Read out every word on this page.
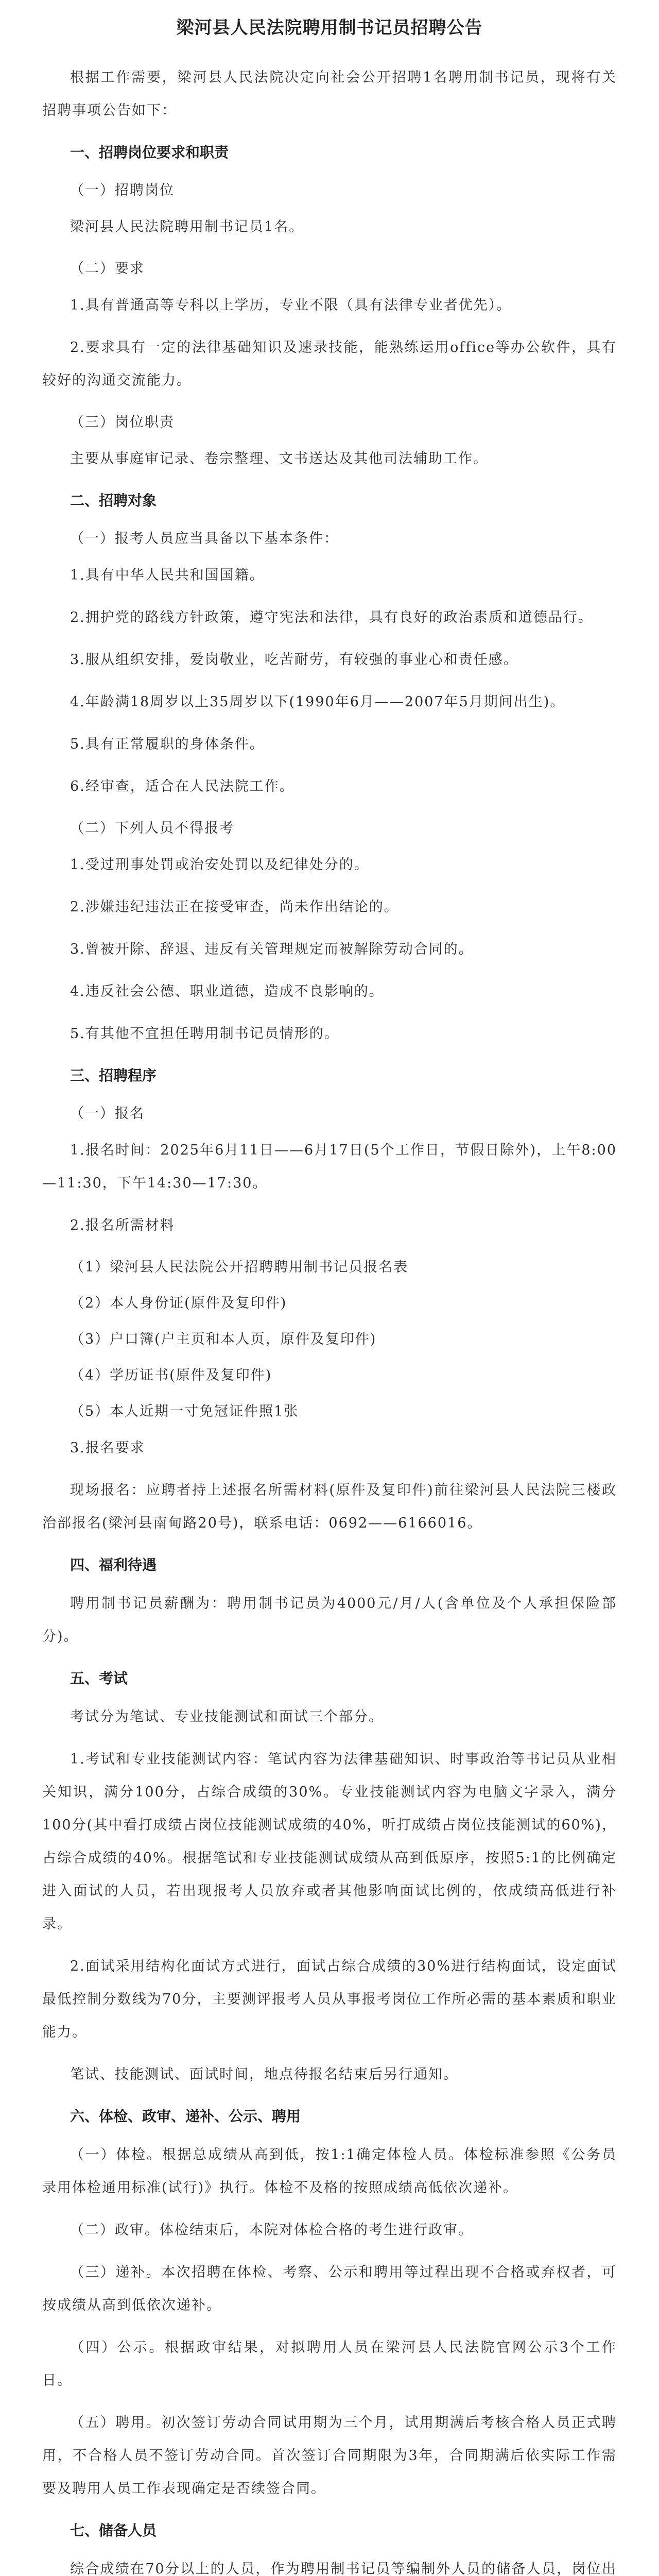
梁河县人民法院聘用制书记员招聘公告

根据工作需要，梁河县人民法院决定向社会公开招聘1名聘用制书记员，现将有关招聘事项公告如下：

一、招聘岗位要求和职责
（一）招聘岗位

梁河县人民法院聘用制书记员1名。

（二）要求

1.具有普通高等专科以上学历，专业不限（具有法律专业者优先）。

2.要求具有一定的法律基础知识及速录技能，能熟练运用office等办公软件，具有较好的沟通交流能力。

（三）岗位职责

主要从事庭审记录、卷宗整理、文书送达及其他司法辅助工作。

二、招聘对象
（一）报考人员应当具备以下基本条件：

1.具有中华人民共和国国籍。

2.拥护党的路线方针政策，遵守宪法和法律，具有良好的政治素质和道德品行。

3.服从组织安排，爱岗敬业，吃苦耐劳，有较强的事业心和责任感。

4.年龄满18周岁以上35周岁以下(1990年6月——2007年5月期间出生)。

5.具有正常履职的身体条件。

6.经审查，适合在人民法院工作。

（二）下列人员不得报考

1.受过刑事处罚或治安处罚以及纪律处分的。

2.涉嫌违纪违法正在接受审查，尚未作出结论的。

3.曾被开除、辞退、违反有关管理规定而被解除劳动合同的。

4.违反社会公德、职业道德，造成不良影响的。

5.有其他不宜担任聘用制书记员情形的。

三、招聘程序
（一）报名

1.报名时间：2025年6月11日——6月17日(5个工作日，节假日除外)，上午8:00—11:30，下午14:30—17:30。

2.报名所需材料

（1）梁河县人民法院公开招聘聘用制书记员报名表
（2）本人身份证(原件及复印件)
（3）户口簿(户主页和本人页，原件及复印件)
（4）学历证书(原件及复印件)
（5）本人近期一寸免冠证件照1张

3.报名要求

现场报名：应聘者持上述报名所需材料(原件及复印件)前往梁河县人民法院三楼政治部报名(梁河县南甸路20号)，联系电话：0692——6166016。

四、福利待遇

聘用制书记员薪酬为：聘用制书记员为4000元/月/人(含单位及个人承担保险部分)。

五、考试

考试分为笔试、专业技能测试和面试三个部分。

1.考试和专业技能测试内容：笔试内容为法律基础知识、时事政治等书记员从业相关知识，满分100分，占综合成绩的30%。专业技能测试内容为电脑文字录入，满分100分(其中看打成绩占岗位技能测试成绩的40%，听打成绩占岗位技能测试的60%)，占综合成绩的40%。根据笔试和专业技能测试成绩从高到低原序，按照5:1的比例确定进入面试的人员，若出现报考人员放弃或者其他影响面试比例的，依成绩高低进行补录。

2.面试采用结构化面试方式进行，面试占综合成绩的30%进行结构面试，设定面试最低控制分数线为70分，主要测评报考人员从事报考岗位工作所必需的基本素质和职业能力。

笔试、技能测试、面试时间，地点待报名结束后另行通知。

六、体检、政审、递补、公示、聘用

（一）体检。根据总成绩从高到低，按1:1确定体检人员。体检标准参照《公务员录用体检通用标准(试行)》执行。体检不及格的按照成绩高低依次递补。

（二）政审。体检结束后，本院对体检合格的考生进行政审。

（三）递补。本次招聘在体检、考察、公示和聘用等过程出现不合格或弃权者，可按成绩从高到低依次递补。

（四）公示。根据政审结果，对拟聘用人员在梁河县人民法院官网公示3个工作日。

（五）聘用。初次签订劳动合同试用期为三个月，试用期满后考核合格人员正式聘用，不合格人员不签订劳动合同。首次签订合同期限为3年，合同期满后依实际工作需要及聘用人员工作表现确定是否续签合同。

七、储备人员

综合成绩在70分以上的人员，作为聘用制书记员等编制外人员的储备人员，岗位出
